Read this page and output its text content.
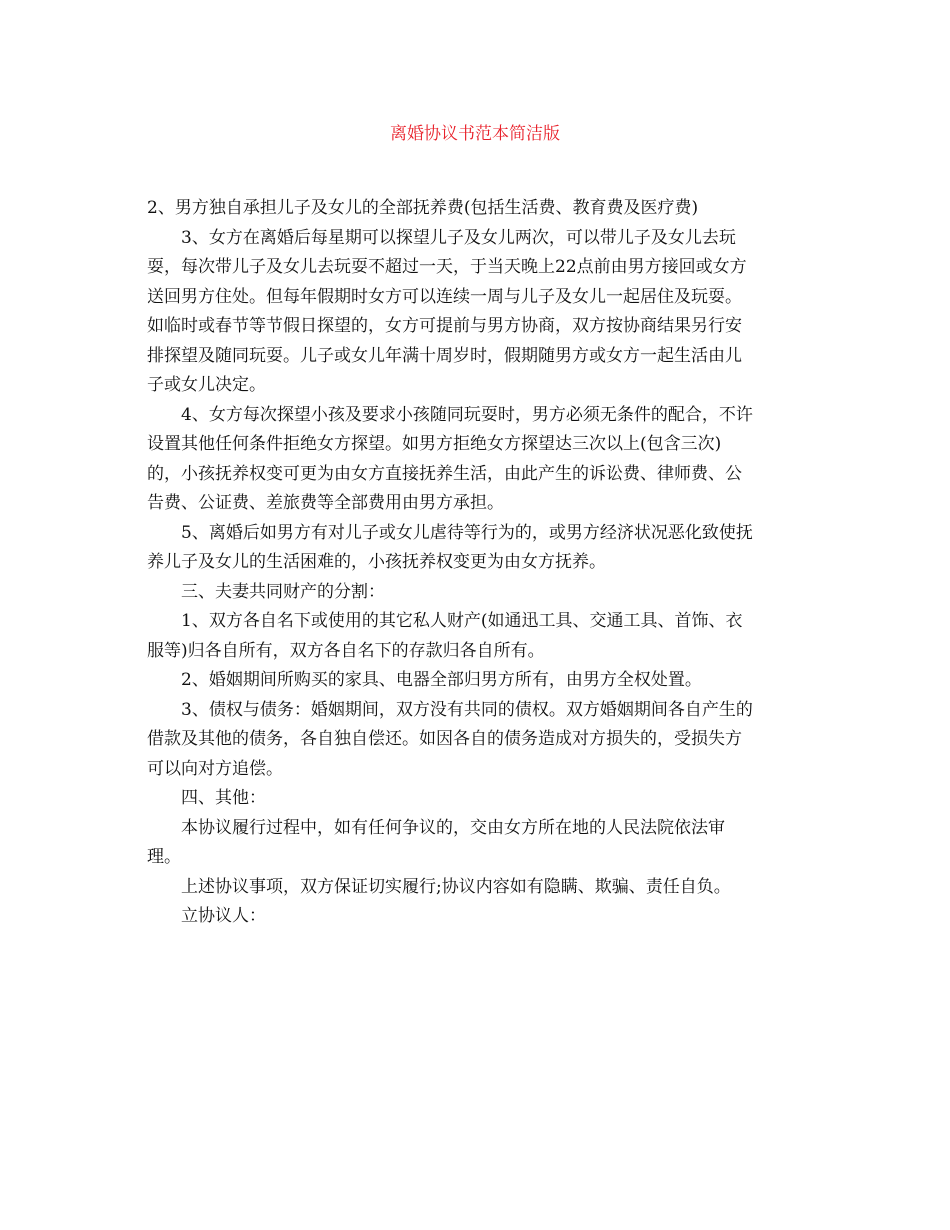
离婚协议书范本简洁版
2、男方独自承担儿子及女儿的全部抚养费(包括生活费、教育费及医疗费)
3、女方在离婚后每星期可以探望儿子及女儿两次，可以带儿子及女儿去玩
耍，每次带儿子及女儿去玩耍不超过一天，于当天晚上22点前由男方接回或女方
送回男方住处。但每年假期时女方可以连续一周与儿子及女儿一起居住及玩耍。
如临时或春节等节假日探望的，女方可提前与男方协商，双方按协商结果另行安
排探望及随同玩耍。儿子或女儿年满十周岁时，假期随男方或女方一起生活由儿
子或女儿决定。
4、女方每次探望小孩及要求小孩随同玩耍时，男方必须无条件的配合，不许
设置其他任何条件拒绝女方探望。如男方拒绝女方探望达三次以上(包含三次)
的，小孩抚养权变可更为由女方直接抚养生活，由此产生的诉讼费、律师费、公
告费、公证费、差旅费等全部费用由男方承担。
5、离婚后如男方有对儿子或女儿虐待等行为的，或男方经济状况恶化致使抚
养儿子及女儿的生活困难的，小孩抚养权变更为由女方抚养。
三、夫妻共同财产的分割：
1、双方各自名下或使用的其它私人财产(如通迅工具、交通工具、首饰、衣
服等)归各自所有，双方各自名下的存款归各自所有。
2、婚姻期间所购买的家具、电器全部归男方所有，由男方全权处置。
3、债权与债务：婚姻期间，双方没有共同的债权。双方婚姻期间各自产生的
借款及其他的债务，各自独自偿还。如因各自的债务造成对方损失的，受损失方
可以向对方追偿。
四、其他：
本协议履行过程中，如有任何争议的，交由女方所在地的人民法院依法审
理。
上述协议事项，双方保证切实履行;协议内容如有隐瞒、欺骗、责任自负。
立协议人：
